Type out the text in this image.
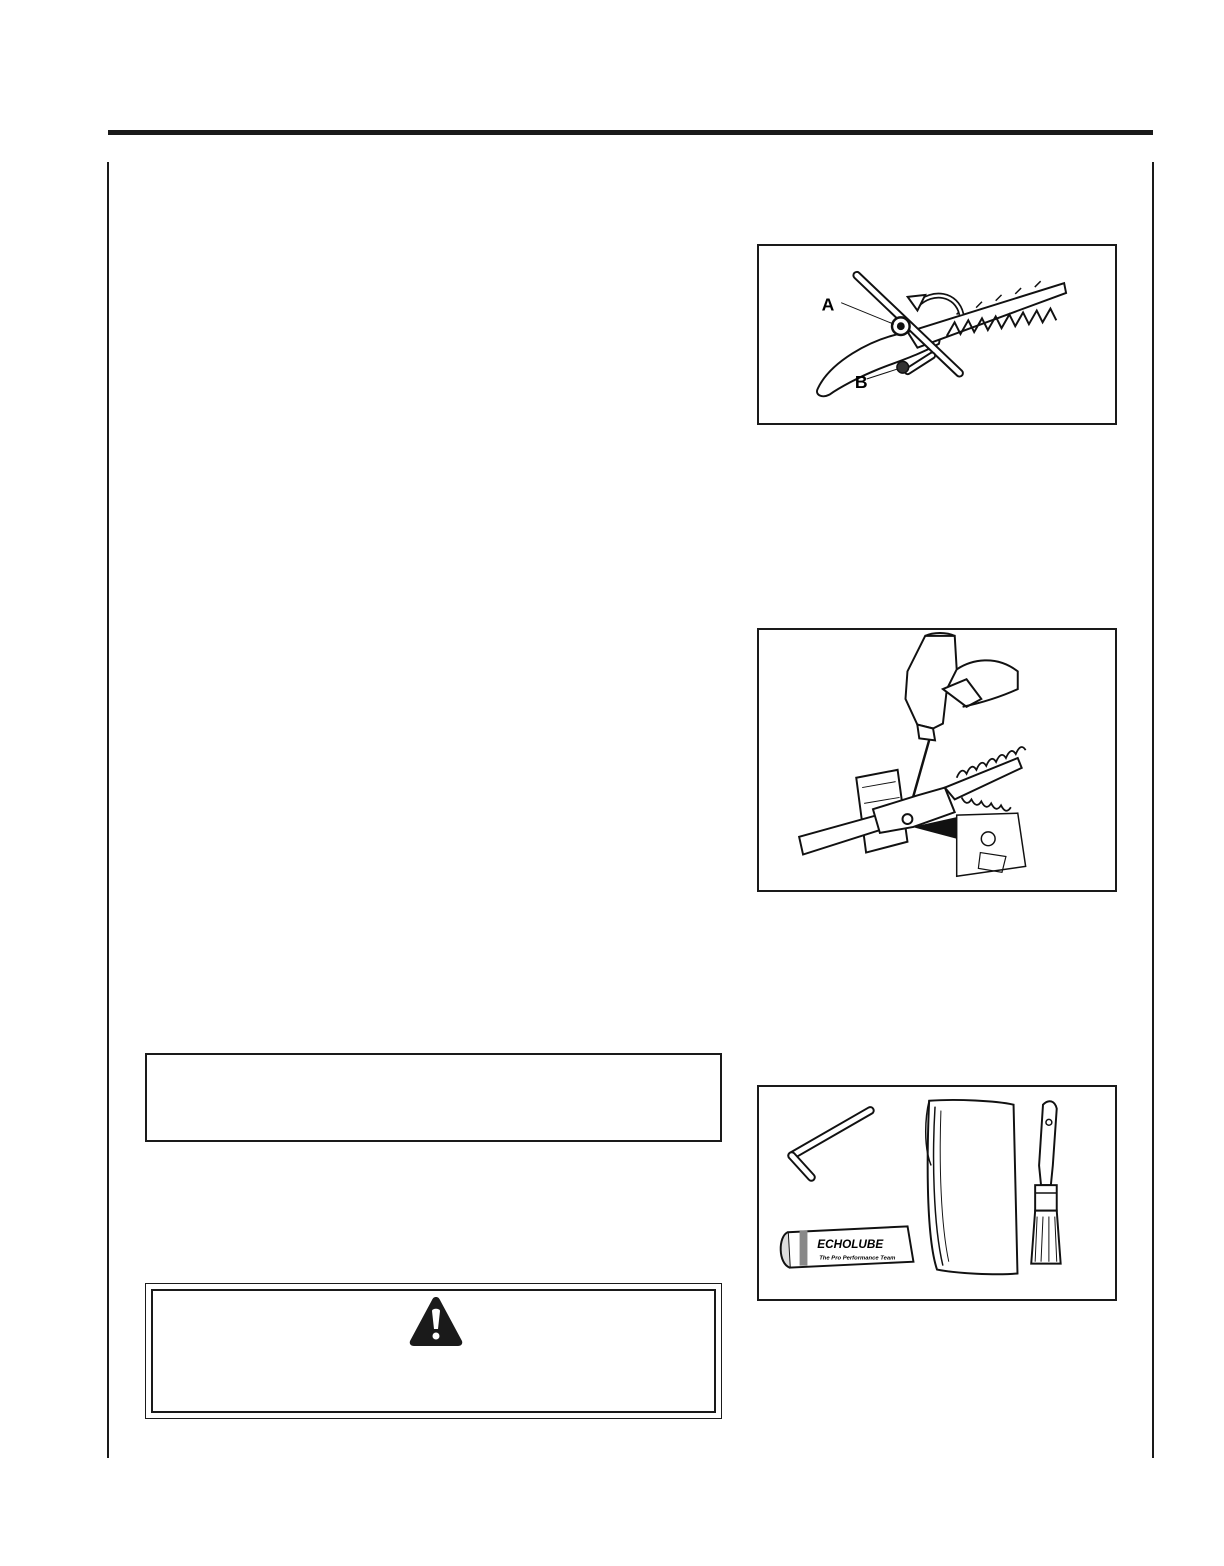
A
B
ECHOLUBE
The Pro Performance Team
